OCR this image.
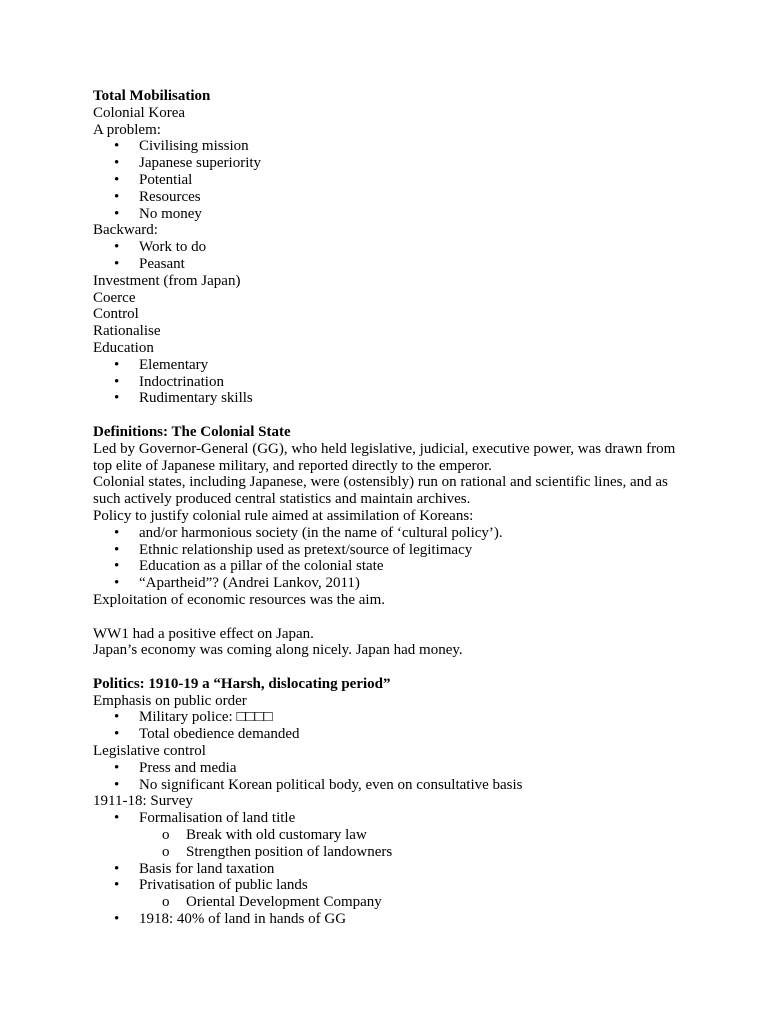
Total Mobilisation
Colonial Korea
A problem:
• Civilising mission
• Japanese superiority
• Potential
• Resources
• No money
Backward:
• Work to do
• Peasant
Investment (from Japan)
Coerce
Control
Rationalise
Education
• Elementary
• Indoctrination
• Rudimentary skills
Definitions: The Colonial State
Led by Governor-General (GG), who held legislative, judicial, executive power, was drawn from top elite of Japanese military, and reported directly to the emperor.
Colonial states, including Japanese, were (ostensibly) run on rational and scientific lines, and as such actively produced central statistics and maintain archives.
Policy to justify colonial rule aimed at assimilation of Koreans:
• and/or harmonious society (in the name of ‘cultural policy’).
• Ethnic relationship used as pretext/source of legitimacy
• Education as a pillar of the colonial state
• “Apartheid”? (Andrei Lankov, 2011)
Exploitation of economic resources was the aim.
WW1 had a positive effect on Japan.
Japan’s economy was coming along nicely. Japan had money.
Politics: 1910-19 a “Harsh, dislocating period”
Emphasis on public order
• Military police: □□□□
• Total obedience demanded
Legislative control
• Press and media
• No significant Korean political body, even on consultative basis
1911-18: Survey
• Formalisation of land title
o Break with old customary law
o Strengthen position of landowners
• Basis for land taxation
• Privatisation of public lands
o Oriental Development Company
• 1918: 40% of land in hands of GG
